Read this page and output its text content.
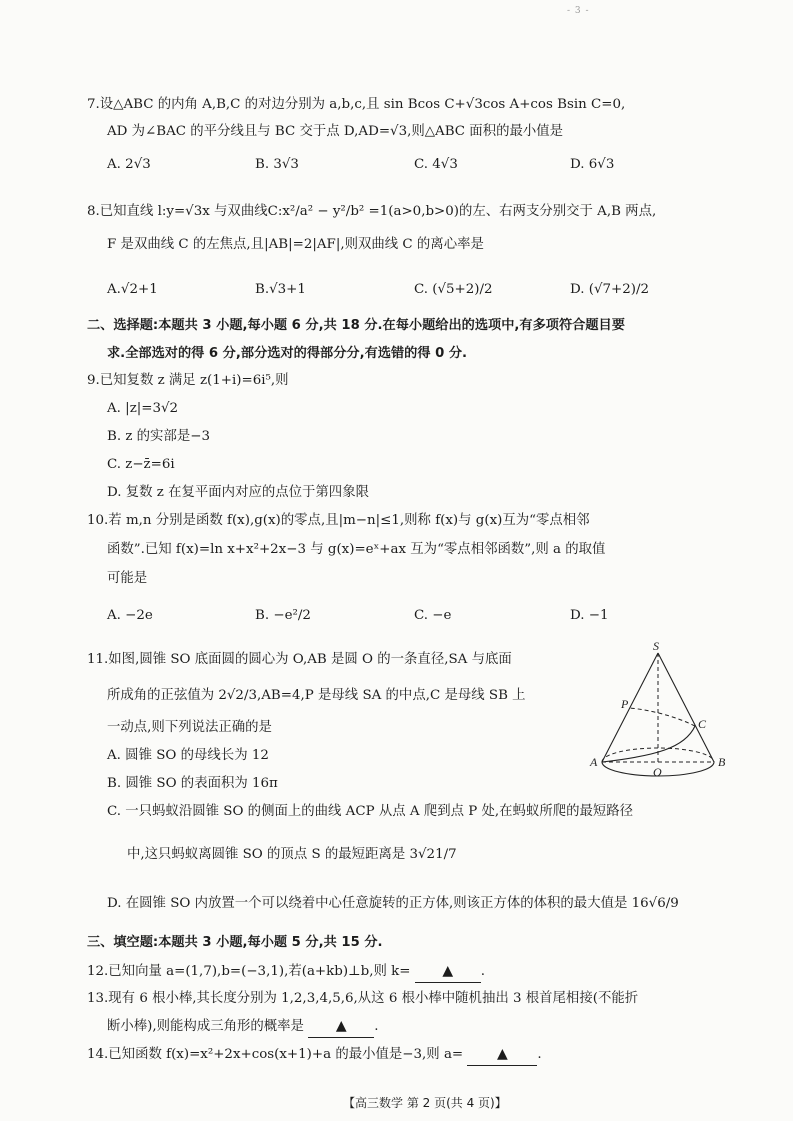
- 3 -
7.设△ABC 的内角 A,B,C 的对边分别为 a,b,c,且 sin Bcos C+√3cos A+cos Bsin C=0,
AD 为∠BAC 的平分线且与 BC 交于点 D,AD=√3,则△ABC 面积的最小值是
A. 2√3	B. 3√3	C. 4√3	D. 6√3
8.已知直线 l:y=√3x 与双曲线C:x²/a² − y²/b² =1(a>0,b>0)的左、右两支分别交于 A,B 两点,
F 是双曲线 C 的左焦点,且|AB|=2|AF|,则双曲线 C 的离心率是
A.√2+1	B.√3+1	C. (√5+2)/2	D. (√7+2)/2
二、选择题:本题共 3 小题,每小题 6 分,共 18 分.在每小题给出的选项中,有多项符合题目要
求.全部选对的得 6 分,部分选对的得部分分,有选错的得 0 分.
9.已知复数 z 满足 z(1+i)=6i⁵,则
A. |z|=3√2
B. z 的实部是−3
C. z−z̄=6i
D. 复数 z 在复平面内对应的点位于第四象限
10.若 m,n 分别是函数 f(x),g(x)的零点,且|m−n|≤1,则称 f(x)与 g(x)互为“零点相邻
函数”.已知 f(x)=ln x+x²+2x−3 与 g(x)=eˣ+ax 互为“零点相邻函数”,则 a 的取值
可能是
A. −2e	B. −e²/2	C. −e	D. −1
11.如图,圆锥 SO 底面圆的圆心为 O,AB 是圆 O 的一条直径,SA 与底面
所成角的正弦值为 2√2/3,AB=4,P 是母线 SA 的中点,C 是母线 SB 上
一动点,则下列说法正确的是
A. 圆锥 SO 的母线长为 12
B. 圆锥 SO 的表面积为 16π
C. 一只蚂蚁沿圆锥 SO 的侧面上的曲线 ACP 从点 A 爬到点 P 处,在蚂蚁所爬的最短路径
中,这只蚂蚁离圆锥 SO 的顶点 S 的最短距离是 3√21/7
D. 在圆锥 SO 内放置一个可以绕着中心任意旋转的正方体,则该正方体的体积的最大值是 16√6/9
S
P
C
A
O
B
三、填空题:本题共 3 小题,每小题 5 分,共 15 分.
12.已知向量 a=(1,7),b=(−3,1),若(a+kb)⊥b,则 k= ▲ .
13.现有 6 根小棒,其长度分别为 1,2,3,4,5,6,从这 6 根小棒中随机抽出 3 根首尾相接(不能折
断小棒),则能构成三角形的概率是 ▲ .
14.已知函数 f(x)=x²+2x+cos(x+1)+a 的最小值是−3,则 a= ▲ .
【高三数学 第 2 页(共 4 页)】
